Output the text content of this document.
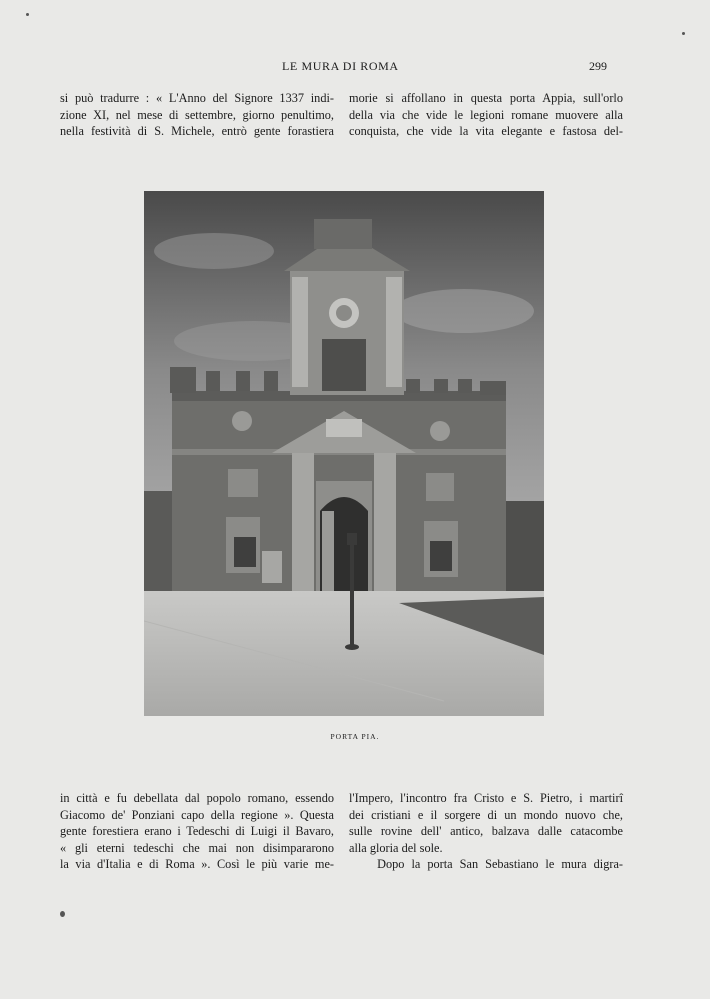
LE MURA DI ROMA	299
si può tradurre : « L'Anno del Signore 1337 indi-
zione XI, nel mese di settembre, giorno penultimo,
nella festività di S. Michele, entrò gente forastiera
morie si affollano in questa porta Appia, sull'orlo
della via che vide le legioni romane muovere alla
conquista, che vide la vita elegante e fastosa del-
PORTA PIA.
in città e fu debellata dal popolo romano, essendo
Giacomo de' Ponziani capo della regione ». Questa
gente forestiera erano i Tedeschi di Luigi il Bavaro,
« gli eterni tedeschi che mai non disimpararono
la via d'Italia e di Roma ». Così le più varie me-
l'Impero, l'incontro fra Cristo e S. Pietro, i martirî
dei cristiani e il sorgere di un mondo nuovo che,
sulle rovine dell' antico, balzava dalle catacombe
alla gloria del sole.
Dopo la porta San Sebastiano le mura digra-
